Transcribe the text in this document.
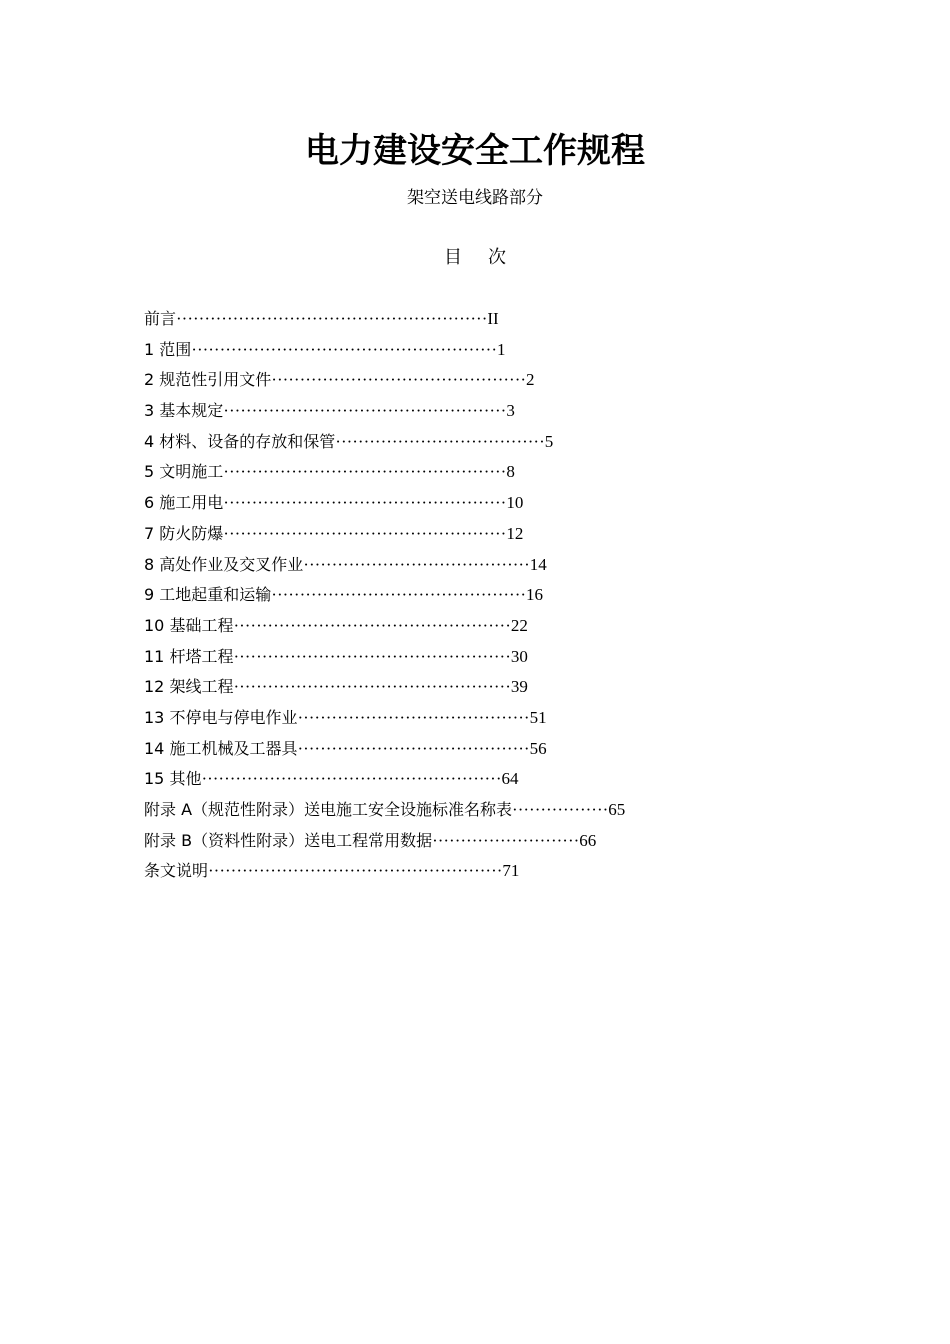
电力建设安全工作规程
架空送电线路部分
目次
前言·······················································II
1 范围······················································1
2 规范性引用文件·············································2
3 基本规定··················································3
4 材料、设备的存放和保管·····································5
5 文明施工··················································8
6 施工用电··················································10
7 防火防爆··················································12
8 高处作业及交叉作业········································14
9 工地起重和运输·············································16
10 基础工程·················································22
11 杆塔工程·················································30
12 架线工程·················································39
13 不停电与停电作业·········································51
14 施工机械及工器具·········································56
15 其他·····················································64
附录 A（规范性附录）送电施工安全设施标准名称表·················65
附录 B（资料性附录）送电工程常用数据··························66
条文说明····················································71
